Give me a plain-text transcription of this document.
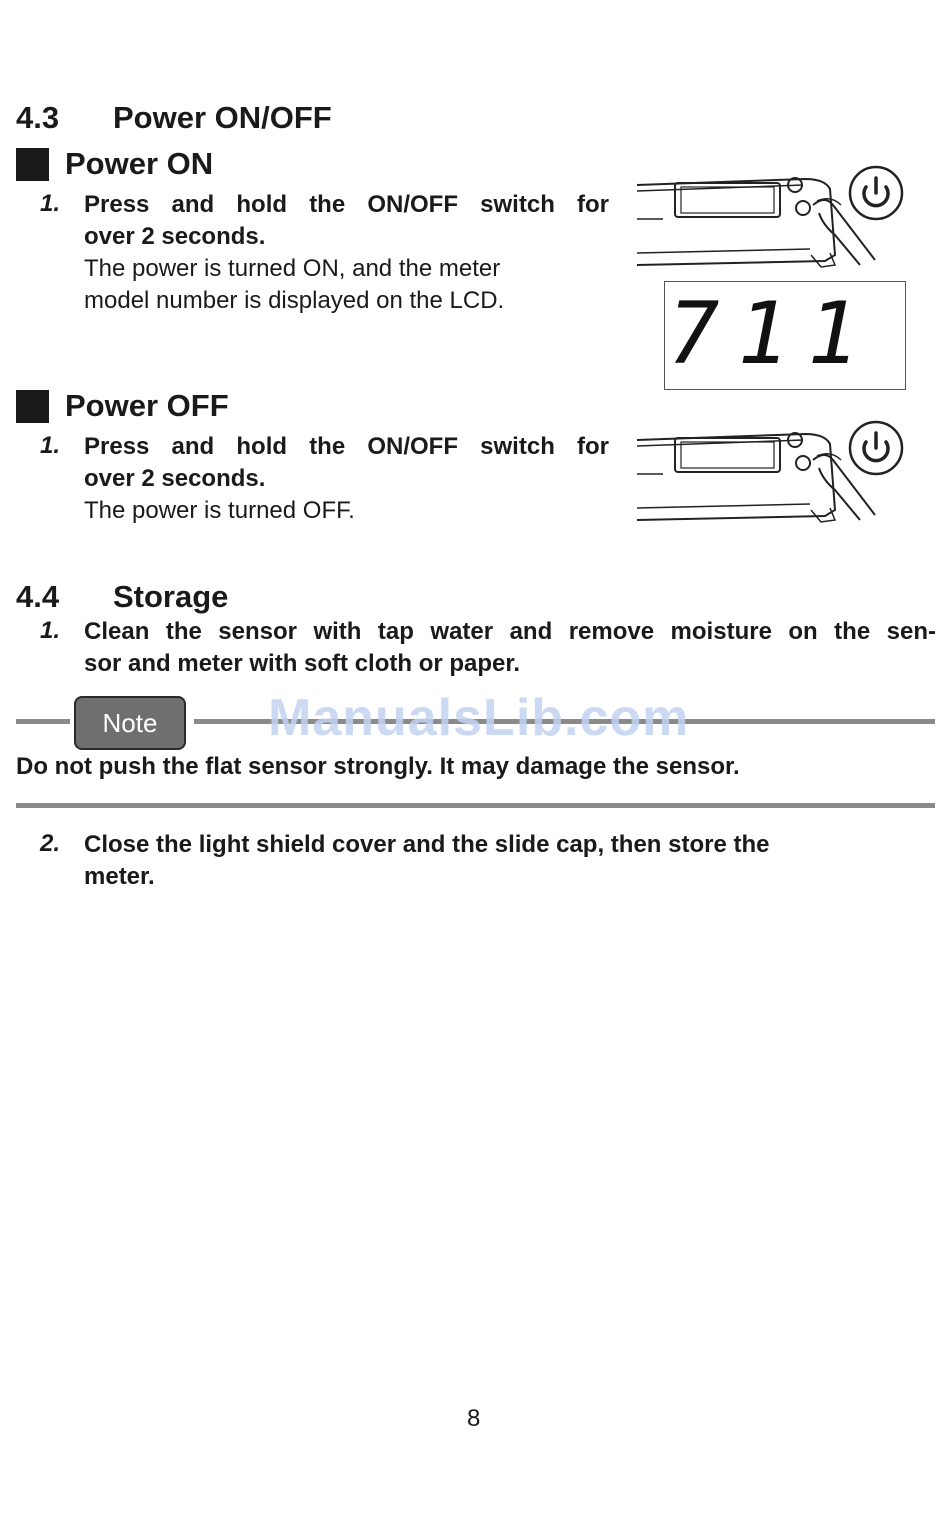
4.3 Power ON/OFF
Power ON
1. Press and hold the ON/OFF switch for
over 2 seconds.
The power is turned ON, and the meter
model number is displayed on the LCD.	711
Power OFF
1. Press and hold the ON/OFF switch for
over 2 seconds.
The power is turned OFF.
4.4 Storage
1. Clean the sensor with tap water and remove moisture on the sen-
sor and meter with soft cloth or paper.
Note	ManualsLib.com
Do not push the flat sensor strongly. It may damage the sensor.
2. Close the light shield cover and the slide cap, then store the
meter.
8
